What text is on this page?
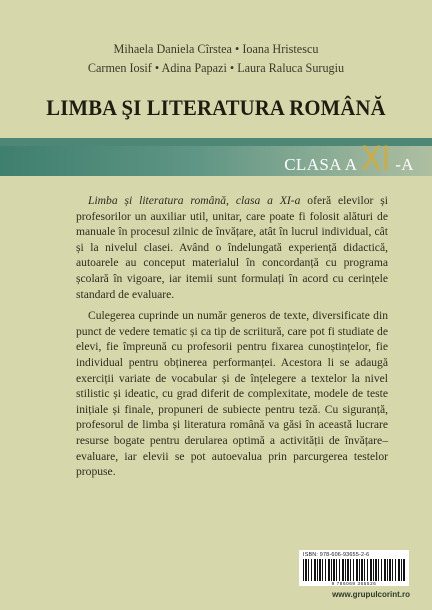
Mihaela Daniela Cîrstea • Ioana Hristescu
Carmen Iosif • Adina Papazi • Laura Raluca Surugiu
LIMBA ŞI LITERATURA ROMÂNĂ
CLASA A XI -A

Limba și literatura română, clasa a XI-a oferă elevilor și profesorilor un auxiliar util, unitar, care poate fi folosit alături de manuale în procesul zilnic de învățare, atât în lucrul individual, cât și la nivelul clasei. Având o îndelungată experiență didactică, autoarele au conceput materialul în concordanță cu programa școlară în vigoare, iar itemii sunt formulați în acord cu cerințele standard de evaluare.

Culegerea cuprinde un număr generos de texte, diversificate din punct de vedere tematic și ca tip de scriitură, care pot fi studiate de elevi, fie împreună cu profesorii pentru fixarea cunoștințelor, fie individual pentru obținerea performanței. Acestora li se adaugă exerciții variate de vocabular și de înțelegere a textelor la nivel stilistic și ideatic, cu grad diferit de complexitate, modele de teste inițiale și finale, propuneri de subiecte pentru teză. Cu siguranță, profesorul de limba și literatura română va găsi în această lucrare resurse bogate pentru derularea optimă a activității de învățare–evaluare, iar elevii se pot autoevalua prin parcurgerea testelor propuse.

ISBN: 978-606-93655-2-6
9 786069 365526
www.grupulcorint.ro
